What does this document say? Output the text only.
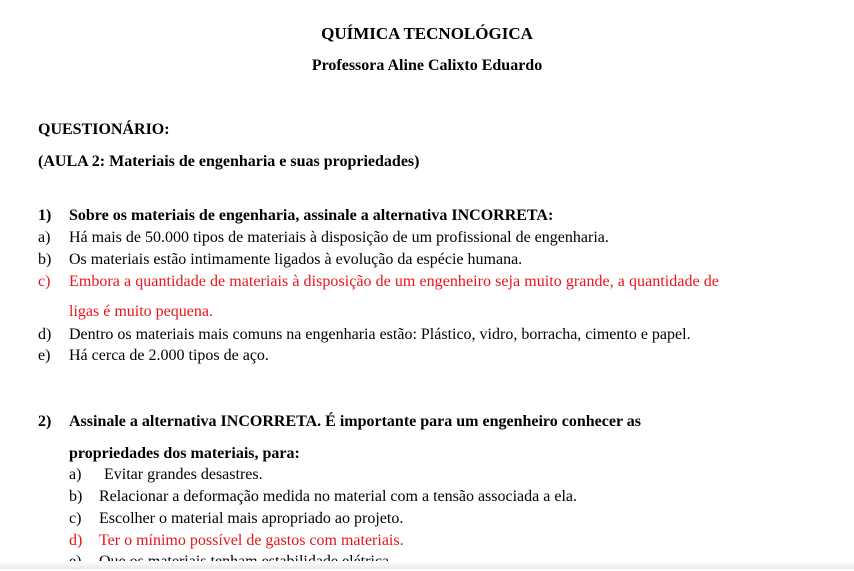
QUÍMICA TECNOLÓGICA
Professora Aline Calixto Eduardo
QUESTIONÁRIO:
(AULA 2: Materiais de engenharia e suas propriedades)
1) Sobre os materiais de engenharia, assinale a alternativa INCORRETA:
a) Há mais de 50.000 tipos de materiais à disposição de um profissional de engenharia.
b) Os materiais estão intimamente ligados à evolução da espécie humana.
c) Embora a quantidade de materiais à disposição de um engenheiro seja muito grande, a quantidade de
ligas é muito pequena.
d) Dentro os materiais mais comuns na engenharia estão: Plástico, vidro, borracha, cimento e papel.
e) Há cerca de 2.000 tipos de aço.
2) Assinale a alternativa INCORRETA. É importante para um engenheiro conhecer as
propriedades dos materiais, para:
a) Evitar grandes desastres.
b) Relacionar a deformação medida no material com a tensão associada a ela.
c) Escolher o material mais apropriado ao projeto.
d) Ter o mínimo possível de gastos com materiais.
